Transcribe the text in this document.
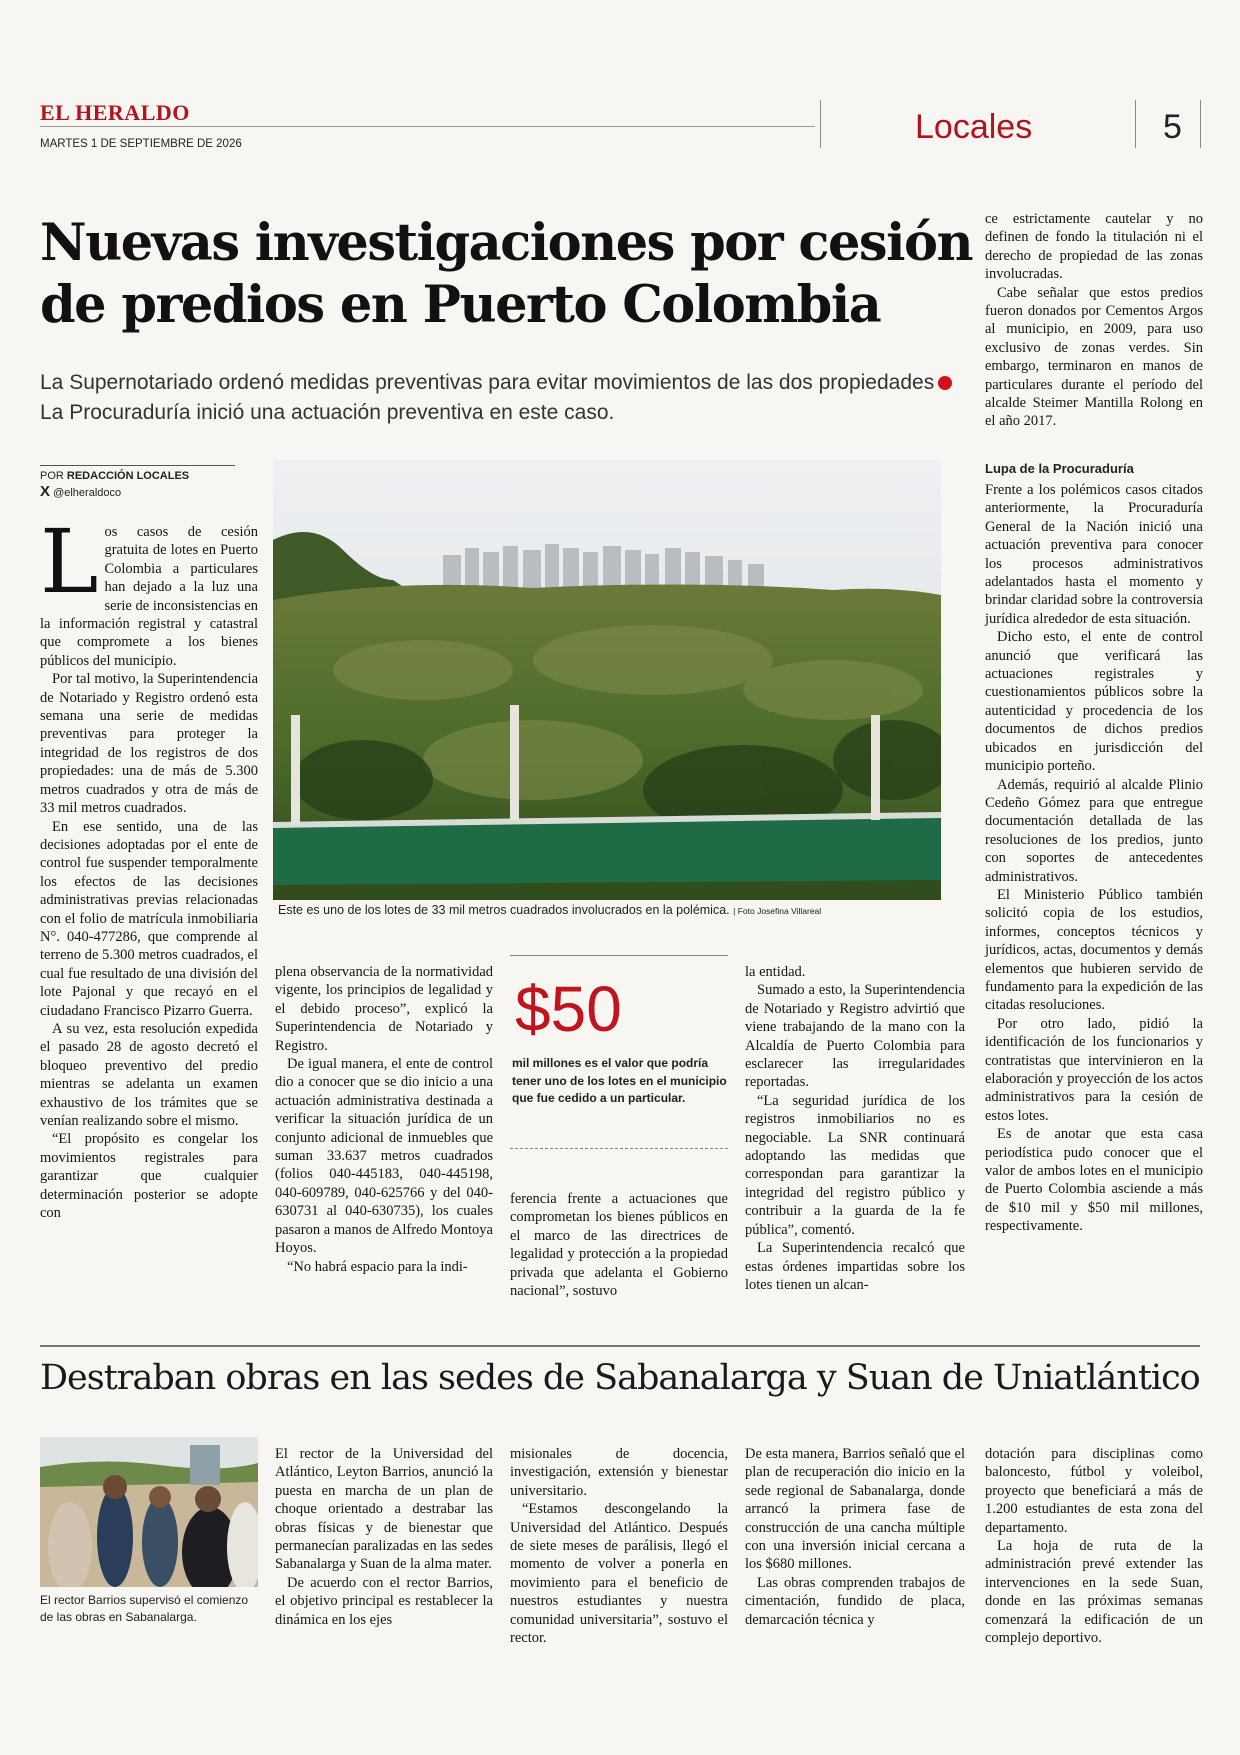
EL HERALDO
MARTES 1 DE SEPTIEMBRE DE 2026	Locales	5
Nuevas investigaciones por cesión
de predios en Puerto Colombia
La Supernotariado ordenó medidas preventivas para evitar movimientos de las dos propiedadesLa Procuraduría inició una actuación preventiva en este caso.
POR REDACCIÓN LOCALES
X @elheraldoco

Los casos de cesión gratuita de lotes en Puerto Colombia a particulares han dejado a la luz una serie de inconsistencias en la información registral y catastral que compromete a los bienes públicos del municipio.

Por tal motivo, la Superintendencia de Notariado y Registro ordenó esta semana una serie de medidas preventivas para proteger la integridad de los registros de dos propiedades: una de más de 5.300 metros cuadrados y otra de más de 33 mil metros cuadrados.

En ese sentido, una de las decisiones adoptadas por el ente de control fue suspender temporalmente los efectos de las decisiones administrativas previas relacionadas con el folio de matrícula inmobiliaria N°. 040-477286, que comprende al terreno de 5.300 metros cuadrados, el cual fue resultado de una división del lote Pajonal y que recayó en el ciudadano Francisco Pizarro Guerra.

A su vez, esta resolución expedida el pasado 28 de agosto decretó el bloqueo preventivo del predio mientras se adelanta un examen exhaustivo de los trámites que se venían realizando sobre el mismo.

“El propósito es congelar los movimientos registrales para garantizar que cualquier determinación posterior se adopte con

Este es uno de los lotes de 33 mil metros cuadrados involucrados en la polémica. | Foto Josefina Villareal

plena observancia de la normatividad vigente, los principios de legalidad y el debido proceso”, explicó la Superintendencia de Notariado y Registro.

De igual manera, el ente de control dio a conocer que se dio inicio a una actuación administrativa destinada a verificar la situación jurídica de un conjunto adicional de inmuebles que suman 33.637 metros cuadrados (folios 040-445183, 040-445198, 040-609789, 040-625766 y del 040-630731 al 040-630735), los cuales pasaron a manos de Alfredo Montoya Hoyos.

“No habrá espacio para la indi-

$50
mil millones es el valor que podría tener uno de los lotes en el municipio que fue cedido a un particular.

ferencia frente a actuaciones que comprometan los bienes públicos en el marco de las directrices de legalidad y protección a la propiedad privada que adelanta el Gobierno nacional”, sostuvo

la entidad.

Sumado a esto, la Superintendencia de Notariado y Registro advirtió que viene trabajando de la mano con la Alcaldía de Puerto Colombia para esclarecer las irregularidades reportadas.

“La seguridad jurídica de los registros inmobiliarios no es negociable. La SNR continuará adoptando las medidas que correspondan para garantizar la integridad del registro público y contribuir a la guarda de la fe pública”, comentó.

La Superintendencia recalcó que estas órdenes impartidas sobre los lotes tienen un alcan-

ce estrictamente cautelar y no definen de fondo la titulación ni el derecho de propiedad de las zonas involucradas.

Cabe señalar que estos predios fueron donados por Cementos Argos al municipio, en 2009, para uso exclusivo de zonas verdes. Sin embargo, terminaron en manos de particulares durante el período del alcalde Steimer Mantilla Rolong en el año 2017.

Lupa de la Procuraduría

Frente a los polémicos casos citados anteriormente, la Procuraduría General de la Nación inició una actuación preventiva para conocer los procesos administrativos adelantados hasta el momento y brindar claridad sobre la controversia jurídica alrededor de esta situación.

Dicho esto, el ente de control anunció que verificará las actuaciones registrales y cuestionamientos públicos sobre la autenticidad y procedencia de los documentos de dichos predios ubicados en jurisdicción del municipio porteño.

Además, requirió al alcalde Plinio Cedeño Gómez para que entregue documentación detallada de las resoluciones de los predios, junto con soportes de antecedentes administrativos.

El Ministerio Público también solicitó copia de los estudios, informes, conceptos técnicos y jurídicos, actas, documentos y demás elementos que hubieren servido de fundamento para la expedición de las citadas resoluciones.

Por otro lado, pidió la identificación de los funcionarios y contratistas que intervinieron en la elaboración y proyección de los actos administrativos para la cesión de estos lotes.

Es de anotar que esta casa periodística pudo conocer que el valor de ambos lotes en el municipio de Puerto Colombia asciende a más de $10 mil y $50 mil millones, respectivamente.

Destraban obras en las sedes de Sabanalarga y Suan de Uniatlántico
El rector Barrios supervisó el comienzo de las obras en Sabanalarga.

El rector de la Universidad del Atlántico, Leyton Barrios, anunció la puesta en marcha de un plan de choque orientado a destrabar las obras físicas y de bienestar que permanecían paralizadas en las sedes Sabanalarga y Suan de la alma mater.

De acuerdo con el rector Barrios, el objetivo principal es restablecer la dinámica en los ejes

misionales de docencia, investigación, extensión y bienestar universitario.

“Estamos descongelando la Universidad del Atlántico. Después de siete meses de parálisis, llegó el momento de volver a ponerla en movimiento para el beneficio de nuestros estudiantes y nuestra comunidad universitaria”, sostuvo el rector.

De esta manera, Barrios señaló que el plan de recuperación dio inicio en la sede regional de Sabanalarga, donde arrancó la primera fase de construcción de una cancha múltiple con una inversión inicial cercana a los $680 millones.

Las obras comprenden trabajos de cimentación, fundido de placa, demarcación técnica y

dotación para disciplinas como baloncesto, fútbol y voleibol, proyecto que beneficiará a más de 1.200 estudiantes de esta zona del departamento.

La hoja de ruta de la administración prevé extender las intervenciones en la sede Suan, donde en las próximas semanas comenzará la edificación de un complejo deportivo.
